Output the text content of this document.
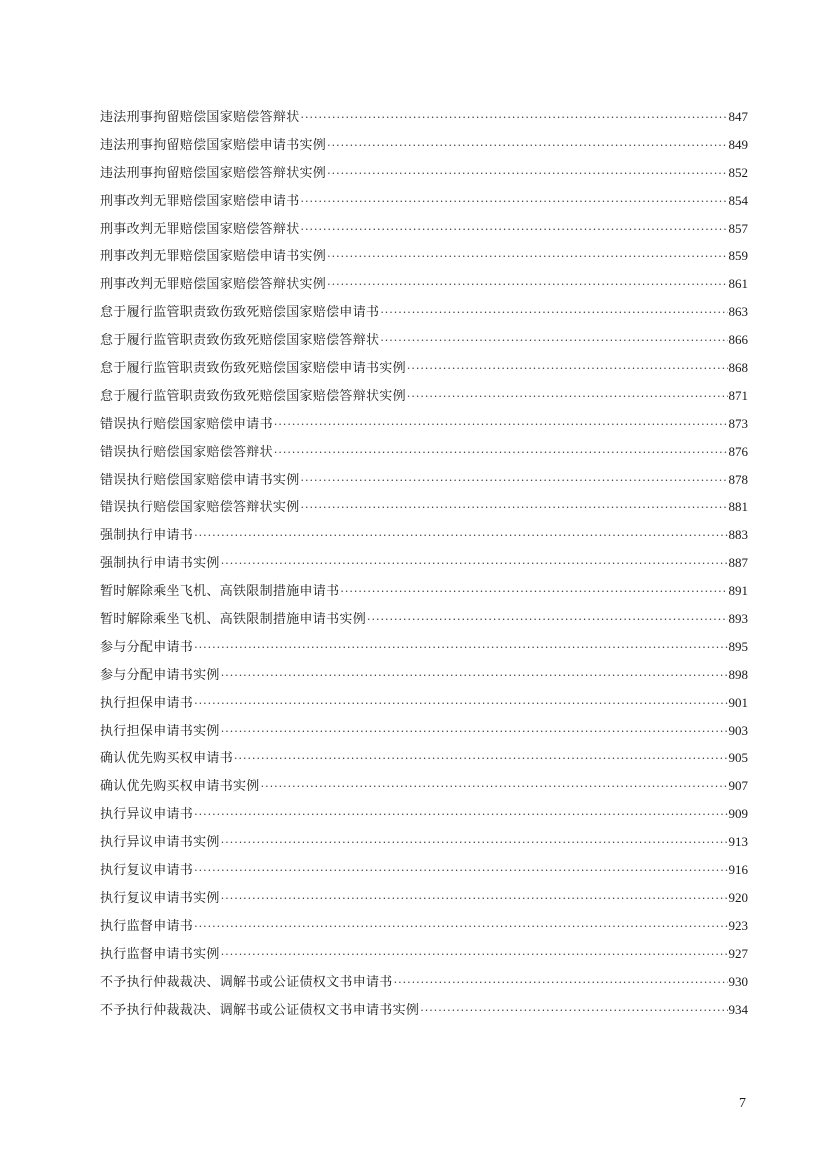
违法刑事拘留赔偿国家赔偿答辩状 ·····	847
违法刑事拘留赔偿国家赔偿申请书实例 ·····	849
违法刑事拘留赔偿国家赔偿答辩状实例 ·····	852
刑事改判无罪赔偿国家赔偿申请书 ·····	854
刑事改判无罪赔偿国家赔偿答辩状 ·····	857
刑事改判无罪赔偿国家赔偿申请书实例 ·····	859
刑事改判无罪赔偿国家赔偿答辩状实例 ·····	861
怠于履行监管职责致伤致死赔偿国家赔偿申请书 ·····	863
怠于履行监管职责致伤致死赔偿国家赔偿答辩状 ·····	866
怠于履行监管职责致伤致死赔偿国家赔偿申请书实例 ·····	868
怠于履行监管职责致伤致死赔偿国家赔偿答辩状实例 ·····	871
错误执行赔偿国家赔偿申请书 ·····	873
错误执行赔偿国家赔偿答辩状 ·····	876
错误执行赔偿国家赔偿申请书实例 ·····	878
错误执行赔偿国家赔偿答辩状实例 ·····	881
强制执行申请书 ·····	883
强制执行申请书实例 ·····	887
暂时解除乘坐飞机、高铁限制措施申请书 ·····	891
暂时解除乘坐飞机、高铁限制措施申请书实例 ·····	893
参与分配申请书 ·····	895
参与分配申请书实例 ·····	898
执行担保申请书 ·····	901
执行担保申请书实例 ·····	903
确认优先购买权申请书 ·····	905
确认优先购买权申请书实例 ·····	907
执行异议申请书 ·····	909
执行异议申请书实例 ·····	913
执行复议申请书 ·····	916
执行复议申请书实例 ·····	920
执行监督申请书 ·····	923
执行监督申请书实例 ·····	927
不予执行仲裁裁决、调解书或公证债权文书申请书 ·····	930
不予执行仲裁裁决、调解书或公证债权文书申请书实例 ·····	934
7
